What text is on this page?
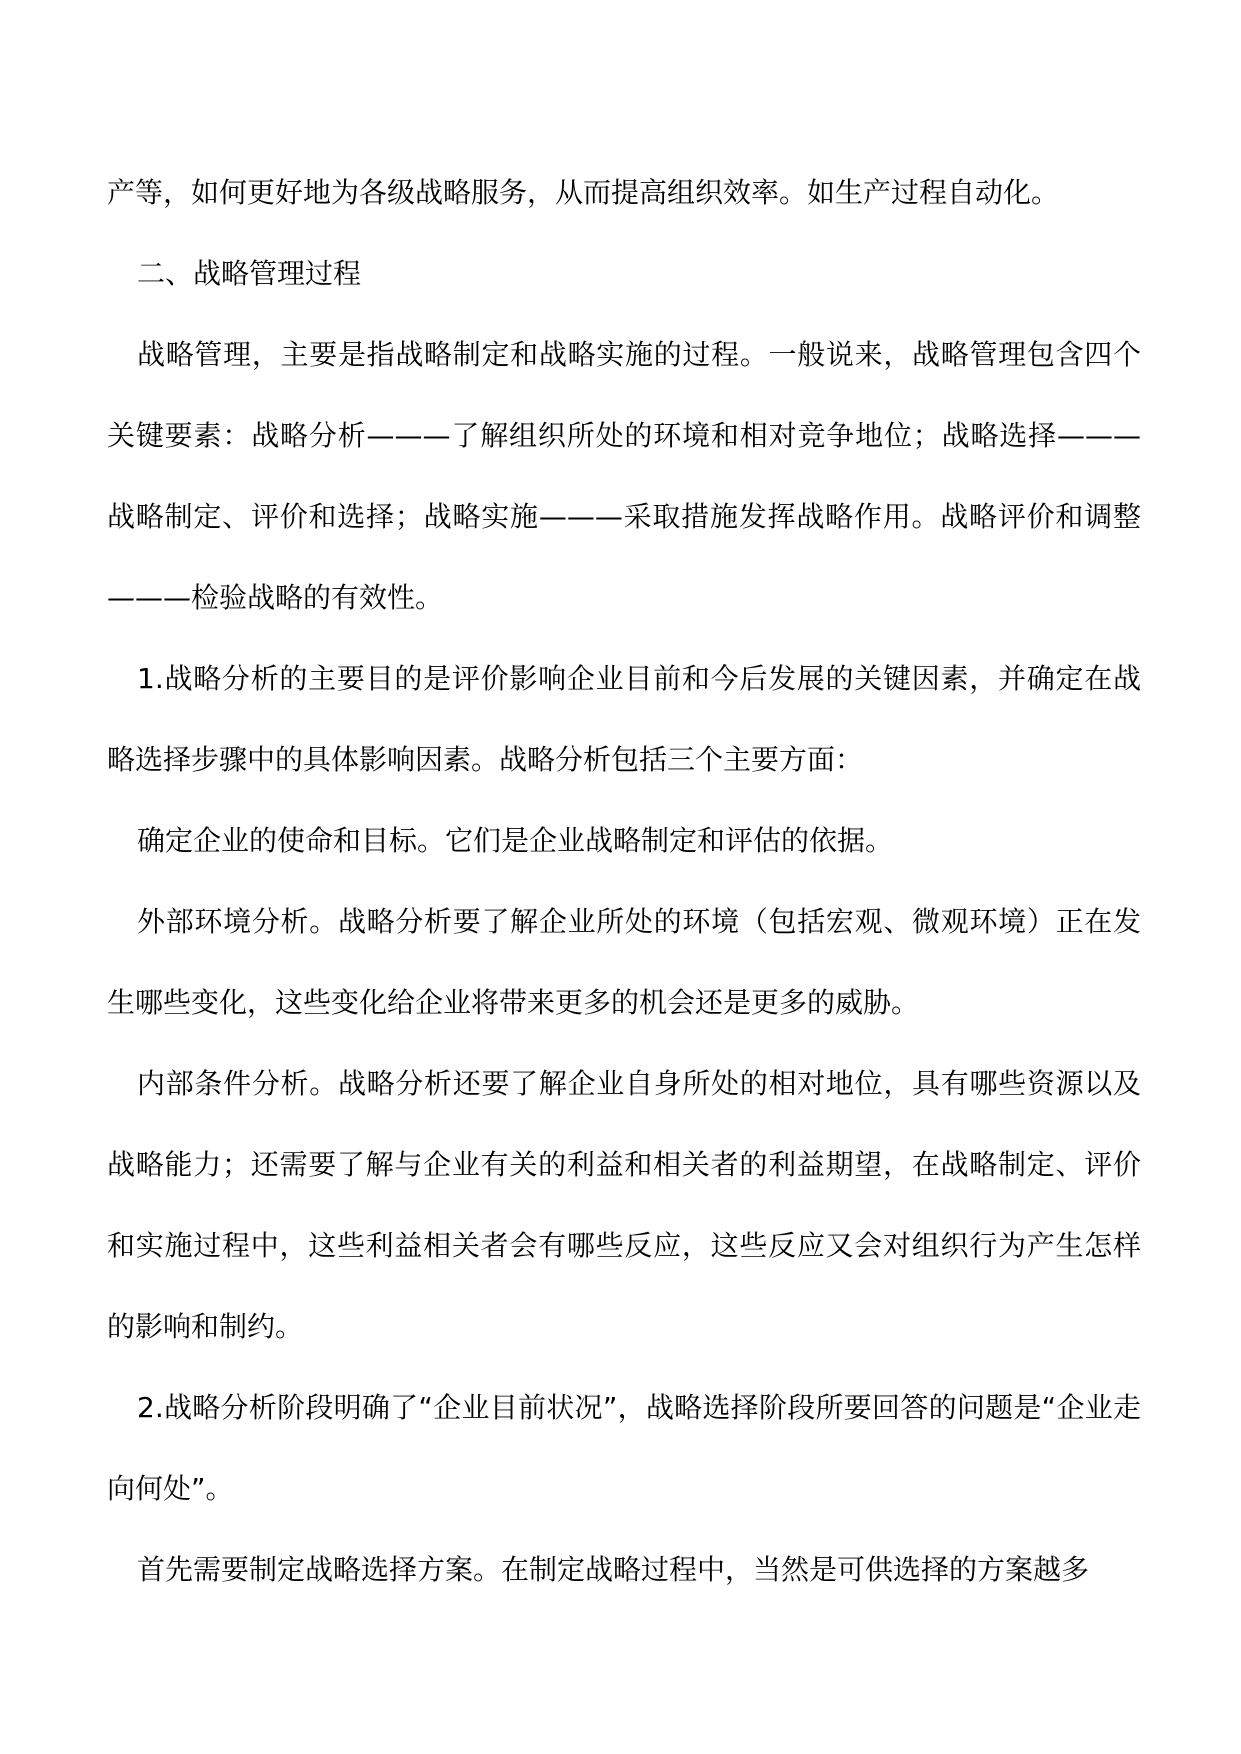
产等，如何更好地为各级战略服务，从而提高组织效率。如生产过程自动化。

二、战略管理过程

战略管理，主要是指战略制定和战略实施的过程。一般说来，战略管理包含四个关键要素：战略分析———了解组织所处的环境和相对竞争地位；战略选择———战略制定、评价和选择；战略实施———采取措施发挥战略作用。战略评价和调整———检验战略的有效性。

1.战略分析的主要目的是评价影响企业目前和今后发展的关键因素，并确定在战略选择步骤中的具体影响因素。战略分析包括三个主要方面：

确定企业的使命和目标。它们是企业战略制定和评估的依据。

外部环境分析。战略分析要了解企业所处的环境（包括宏观、微观环境）正在发生哪些变化，这些变化给企业将带来更多的机会还是更多的威胁。

内部条件分析。战略分析还要了解企业自身所处的相对地位，具有哪些资源以及战略能力；还需要了解与企业有关的利益和相关者的利益期望，在战略制定、评价和实施过程中，这些利益相关者会有哪些反应，这些反应又会对组织行为产生怎样的影响和制约。

2.战略分析阶段明确了“企业目前状况”，战略选择阶段所要回答的问题是“企业走向何处”。

首先需要制定战略选择方案。在制定战略过程中，当然是可供选择的方案越多
